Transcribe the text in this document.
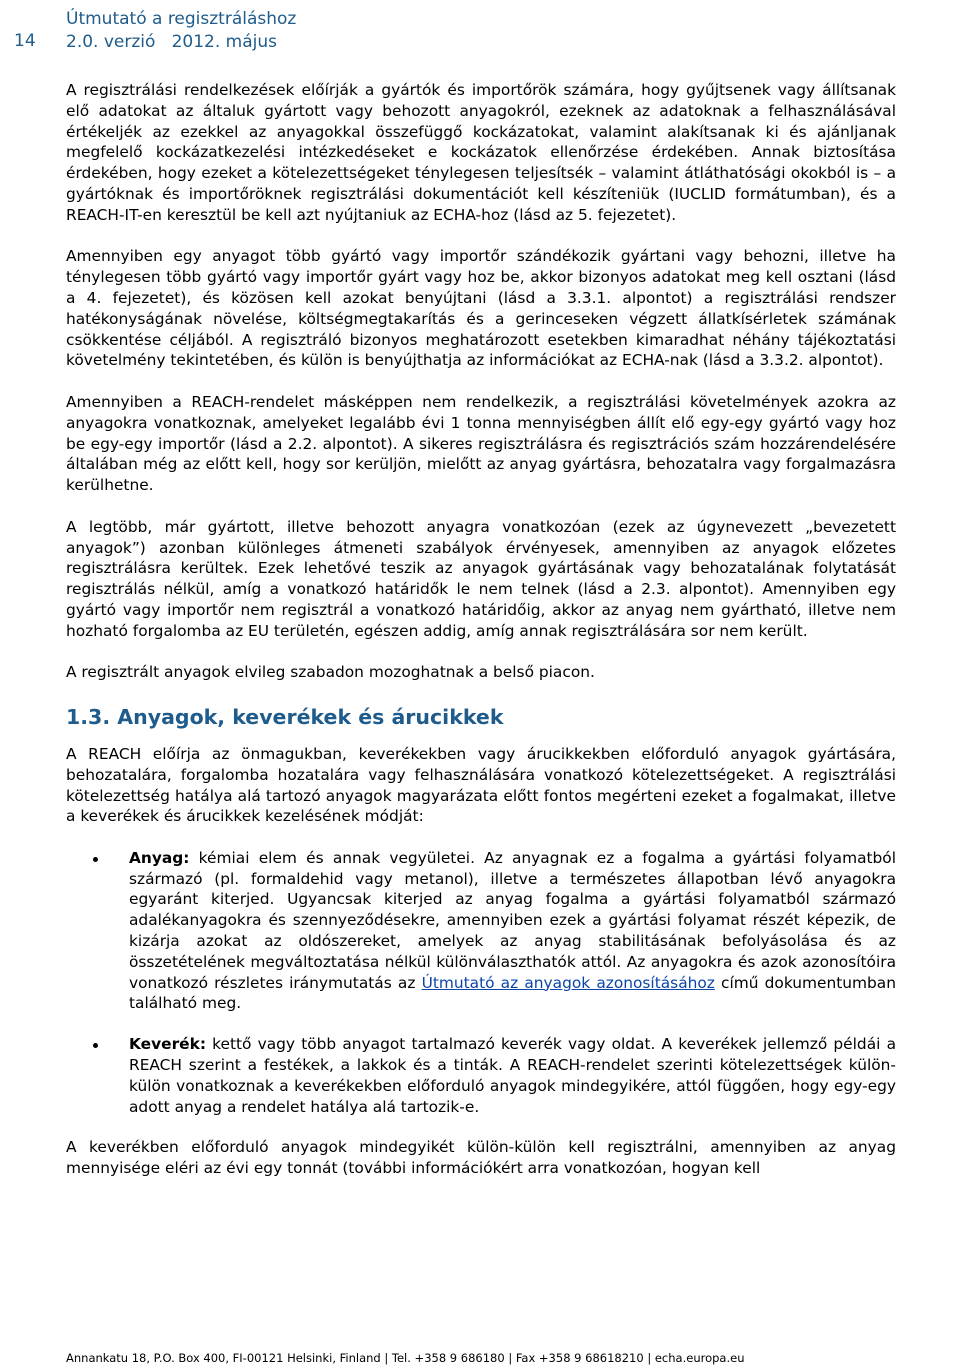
14
Útmutató a regisztráláshoz
2.0. verzió   2012. május

A regisztrálási rendelkezések előírják a gyártók és importőrök számára, hogy gyűjtsenek vagy állítsanak elő adatokat az általuk gyártott vagy behozott anyagokról, ezeknek az adatoknak a felhasználásával értékeljék az ezekkel az anyagokkal összefüggő kockázatokat, valamint alakítsanak ki és ajánljanak megfelelő kockázatkezelési intézkedéseket e kockázatok ellenőrzése érdekében. Annak biztosítása érdekében, hogy ezeket a kötelezettségeket ténylegesen teljesítsék – valamint átláthatósági okokból is – a gyártóknak és importőröknek regisztrálási dokumentációt kell készíteniük (IUCLID formátumban), és a REACH-IT-en keresztül be kell azt nyújtaniuk az ECHA-hoz (lásd az 5. fejezetet).

Amennyiben egy anyagot több gyártó vagy importőr szándékozik gyártani vagy behozni, illetve ha ténylegesen több gyártó vagy importőr gyárt vagy hoz be, akkor bizonyos adatokat meg kell osztani (lásd a 4. fejezetet), és közösen kell azokat benyújtani (lásd a 3.3.1. alpontot) a regisztrálási rendszer hatékonyságának növelése, költségmegtakarítás és a gerinceseken végzett állatkísérletek számának csökkentése céljából. A regisztráló bizonyos meghatározott esetekben kimaradhat néhány tájékoztatási követelmény tekintetében, és külön is benyújthatja az információkat az ECHA-nak (lásd a 3.3.2. alpontot).

Amennyiben a REACH-rendelet másképpen nem rendelkezik, a regisztrálási követelmények azokra az anyagokra vonatkoznak, amelyeket legalább évi 1 tonna mennyiségben állít elő egy-egy gyártó vagy hoz be egy-egy importőr (lásd a 2.2. alpontot). A sikeres regisztrálásra és regisztrációs szám hozzárendelésére általában még az előtt kell, hogy sor kerüljön, mielőtt az anyag gyártásra, behozatalra vagy forgalmazásra kerülhetne.

A legtöbb, már gyártott, illetve behozott anyagra vonatkozóan (ezek az úgynevezett „bevezetett anyagok”) azonban különleges átmeneti szabályok érvényesek, amennyiben az anyagok előzetes regisztrálásra kerültek. Ezek lehetővé teszik az anyagok gyártásának vagy behozatalának folytatását regisztrálás nélkül, amíg a vonatkozó határidők le nem telnek (lásd a 2.3. alpontot). Amennyiben egy gyártó vagy importőr nem regisztrál a vonatkozó határidőig, akkor az anyag nem gyártható, illetve nem hozható forgalomba az EU területén, egészen addig, amíg annak regisztrálására sor nem került.

A regisztrált anyagok elvileg szabadon mozoghatnak a belső piacon.

1.3. Anyagok, keverékek és árucikkek

A REACH előírja az önmagukban, keverékekben vagy árucikkekben előforduló anyagok gyártására, behozatalára, forgalomba hozatalára vagy felhasználására vonatkozó kötelezettségeket. A regisztrálási kötelezettség hatálya alá tartozó anyagok magyarázata előtt fontos megérteni ezeket a fogalmakat, illetve a keverékek és árucikkek kezelésének módját:

Anyag: kémiai elem és annak vegyületei. Az anyagnak ez a fogalma a gyártási folyamatból származó (pl. formaldehid vagy metanol), illetve a természetes állapotban lévő anyagokra egyaránt kiterjed. Ugyancsak kiterjed az anyag fogalma a gyártási folyamatból származó adalékanyagokra és szennyeződésekre, amennyiben ezek a gyártási folyamat részét képezik, de kizárja azokat az oldószereket, amelyek az anyag stabilitásának befolyásolása és az összetételének megváltoztatása nélkül különválaszthatók attól. Az anyagokra és azok azonosítóira vonatkozó részletes iránymutatás az Útmutató az anyagok azonosításához című dokumentumban található meg.
Keverék: kettő vagy több anyagot tartalmazó keverék vagy oldat. A keverékek jellemző példái a REACH szerint a festékek, a lakkok és a tinták. A REACH-rendelet szerinti kötelezettségek külön-külön vonatkoznak a keverékekben előforduló anyagok mindegyikére, attól függően, hogy egy-egy adott anyag a rendelet hatálya alá tartozik-e.

A keverékben előforduló anyagok mindegyikét külön-külön kell regisztrálni, amennyiben az anyag mennyisége eléri az évi egy tonnát (további információkért arra vonatkozóan, hogyan kell

Annankatu 18, P.O. Box 400, FI-00121 Helsinki, Finland | Tel. +358 9 686180 | Fax +358 9 68618210 | echa.europa.eu
